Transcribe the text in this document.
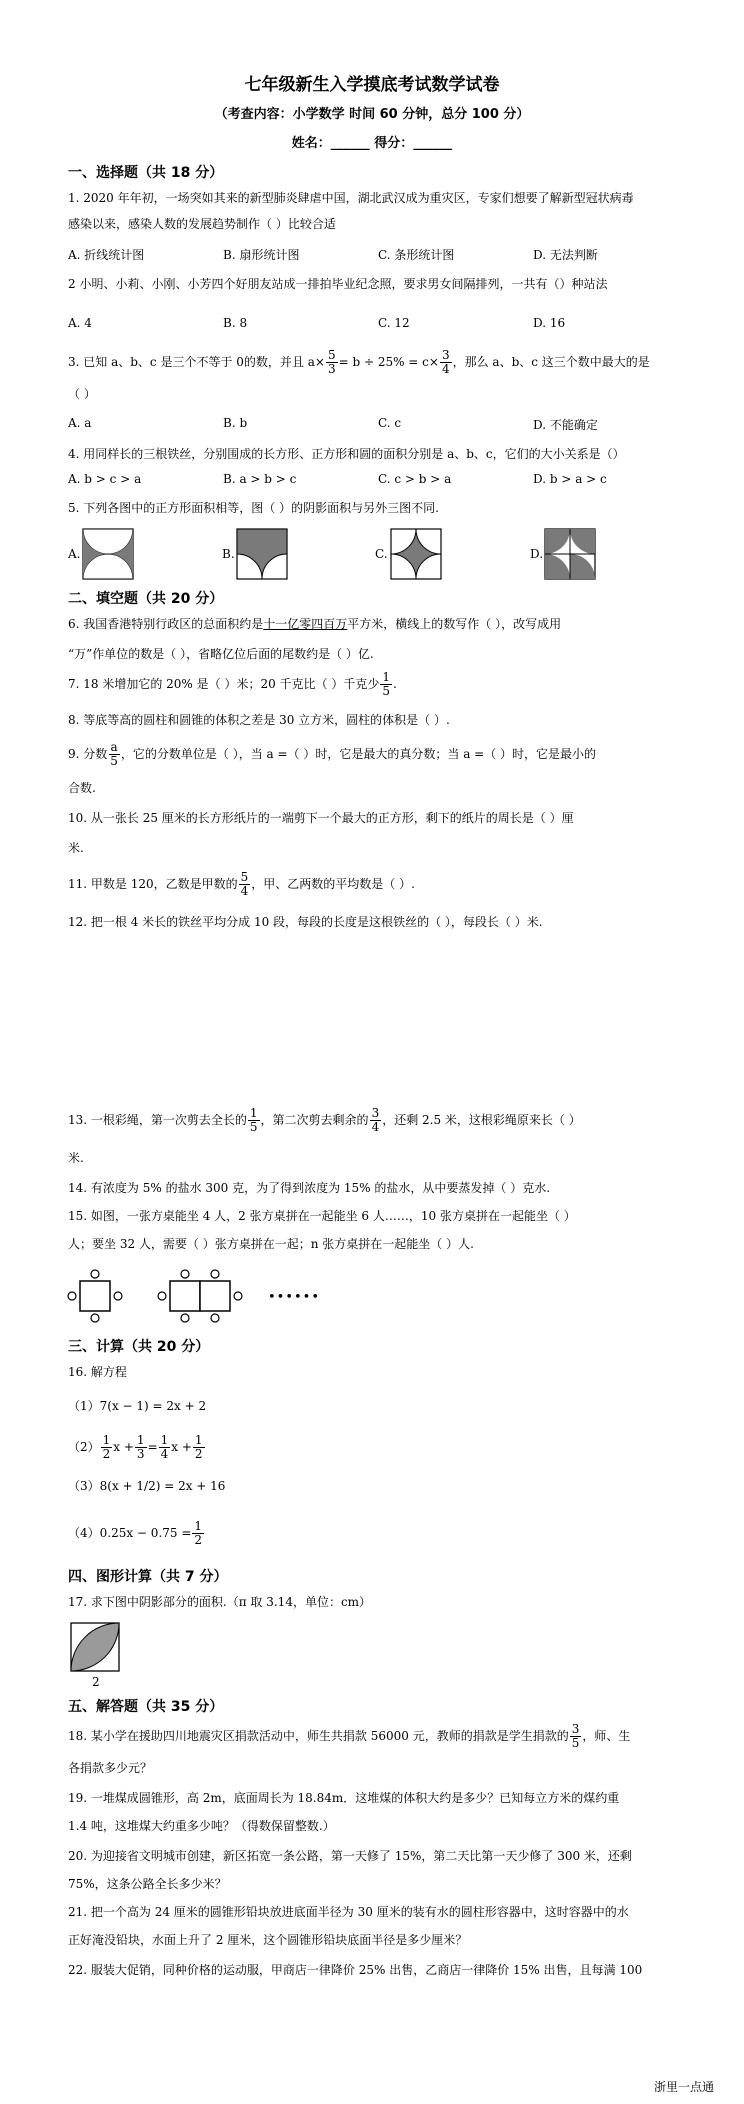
七年级新生入学摸底考试数学试卷
（考查内容：小学数学 时间 60 分钟，总分 100 分）
姓名：______ 得分：______
一、选择题（共 18 分）
1. 2020 年年初，一场突如其来的新型肺炎肆虐中国，湖北武汉成为重灾区，专家们想要了解新型冠状病毒
感染以来，感染人数的发展趋势制作（ ）比较合适
A. 折线统计图	B. 扇形统计图	C. 条形统计图	D. 无法判断
2 小明、小莉、小刚、小芳四个好朋友站成一排拍毕业纪念照，要求男女间隔排列，一共有（）种站法
A. 4	B. 8	C. 12	D. 16
3. 已知 a、b、c 是三个不等于 0的数，并且 $a\times \frac{5}{3} = b \div 25\% = c\times \frac{3}{4}$ ，那么 a、b、c 这三个数中最大的是
（ ）
A. a	B. b	C. c	D. 不能确定
4. 用同样长的三根铁丝，分别围成的长方形、正方形和圆的面积分别是 a、b、c，它们的大小关系是（）
A. b > c > a	B. a > b > c	C. c > b > a	D. b > a > c
5. 下列各图中的正方形面积相等，图（ ）的阴影面积与另外三图不同.
A.	B.	C.	D.
二、填空题（共 20 分）
6. 我国香港特别行政区的总面积约是十一亿零四百万平方米，横线上的数写作（ ），改写成用
“万”作单位的数是（ ），省略亿位后面的尾数约是（ ）亿.
7. 18 米增加它的 20% 是（ ）米；20 千克比（ ）千克少 $\frac{1}{5}$ .
8. 等底等高的圆柱和圆锥的体积之差是 30 立方米，圆柱的体积是（ ）.
9. 分数 $\frac{a}{5}$ ，它的分数单位是（ ），当 a =（ ）时，它是最大的真分数；当 a =（ ）时，它是最小的
合数.
10. 从一张长 25 厘米的长方形纸片的一端剪下一个最大的正方形，剩下的纸片的周长是（ ）厘
米.
11. 甲数是 120，乙数是甲数的 $\frac{5}{4}$ ，甲、乙两数的平均数是（ ）.
12. 把一根 4 米长的铁丝平均分成 10 段，每段的长度是这根铁丝的（ ），每段长（ ）米.
13. 一根彩绳，第一次剪去全长的 $\frac{1}{5}$ ，第二次剪去剩余的 $\frac{3}{4}$ ，还剩 2.5 米，这根彩绳原来长（ ）
米.
14. 有浓度为 5% 的盐水 300 克，为了得到浓度为 15% 的盐水，从中要蒸发掉（ ）克水.
15. 如图，一张方桌能坐 4 人，2 张方桌拼在一起能坐 6 人……，10 张方桌拼在一起能坐（ ）
人；要坐 32 人，需要（ ）张方桌拼在一起；n 张方桌拼在一起能坐（ ）人.
••••••
三、计算（共 20 分）
16. 解方程
（1）7(x − 1) = 2x + 2
$(2) \frac{1}{2}$ $x + \frac{1}{3} = \frac{1}{4}$ $x + \frac{1}{2}$
（3）8(x + 1/2) = 2x + 16
$(4)0.25x - 0.75 = \frac{1}{2}$
四、图形计算（共 7 分）
17. 求下图中阴影部分的面积.（π 取 3.14，单位：cm）
2
五、解答题（共 35 分）
18. 某小学在援助四川地震灾区捐款活动中，师生共捐款 56000 元，教师的捐款是学生捐款的 $\frac{3}{5}$ ，师、生
各捐款多少元？
19. 一堆煤成圆锥形，高 2m，底面周长为 18.84m．这堆煤的体积大约是多少？已知每立方米的煤约重
1.4 吨，这堆煤大约重多少吨？（得数保留整数.）
20. 为迎接省文明城市创建，新区拓宽一条公路，第一天修了 15%，第二天比第一天少修了 300 米，还剩
75%，这条公路全长多少米？
21. 把一个高为 24 厘米的圆锥形铅块放进底面半径为 30 厘米的装有水的圆柱形容器中，这时容器中的水
正好淹没铅块，水面上升了 2 厘米，这个圆锥形铅块底面半径是多少厘米？
22. 服装大促销，同种价格的运动服，甲商店一律降价 25% 出售，乙商店一律降价 15% 出售，且每满 100
浙里一点通
